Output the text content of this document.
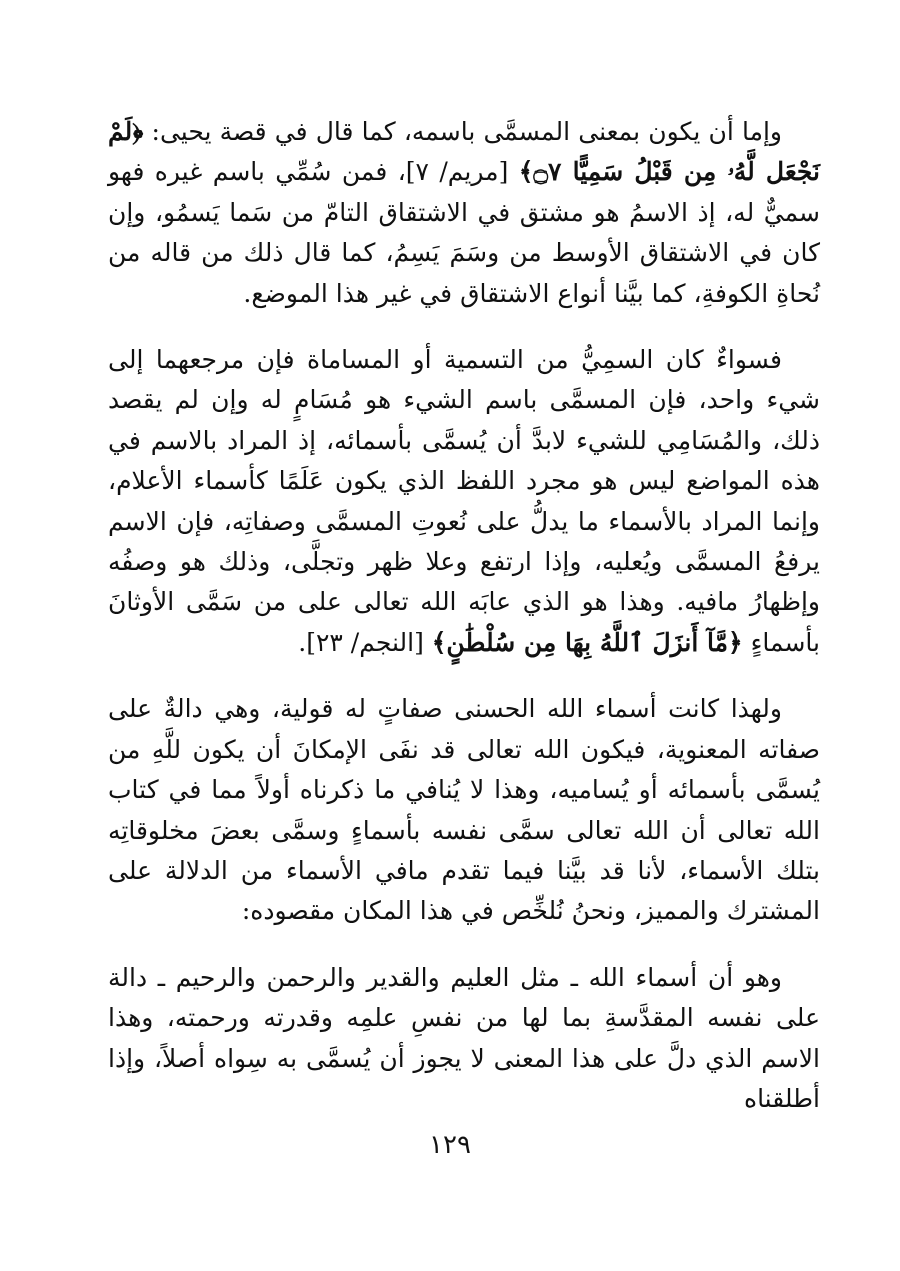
وإما أن يكون بمعنى المسمَّى باسمه، كما قال في قصة يحيى: ﴿لَمْ نَجْعَل لَّهُۥ مِن قَبْلُ سَمِيًّا ۝٧﴾ [مريم/ ٧]، فمن سُمِّي باسم غيره فهو سميٌّ له، إذ الاسمُ هو مشتق في الاشتقاق التامّ من سَما يَسمُو، وإن كان في الاشتقاق الأوسط من وسَمَ يَسِمُ، كما قال ذلك من قاله من نُحاةِ الكوفةِ، كما بيَّنا أنواع الاشتقاق في غير هذا الموضع.

فسواءٌ كان السمِيُّ من التسمية أو المساماة فإن مرجعهما إلى شيء واحد، فإن المسمَّى باسم الشيء هو مُسَامٍ له وإن لم يقصد ذلك، والمُسَامِي للشيء لابدَّ أن يُسمَّى بأسمائه، إذ المراد بالاسم في هذه المواضع ليس هو مجرد اللفظ الذي يكون عَلَمًا كأسماء الأعلام، وإنما المراد بالأسماء ما يدلُّ على نُعوتِ المسمَّى وصفاتِه، فإن الاسم يرفعُ المسمَّى ويُعليه، وإذا ارتفع وعلا ظهر وتجلَّى، وذلك هو وصفُه وإظهارُ مافيه. وهذا هو الذي عابَه الله تعالى على من سَمَّى الأوثانَ بأسماءٍ ﴿مَّآ أَنزَلَ ٱللَّهُ بِهَا مِن سُلْطَٰنٍ﴾ [النجم/ ٢٣].

ولهذا كانت أسماء الله الحسنى صفاتٍ له قولية، وهي دالةٌ على صفاته المعنوية، فيكون الله تعالى قد نفَى الإمكانَ أن يكون للَّهِ من يُسمَّى بأسمائه أو يُساميه، وهذا لا يُنافي ما ذكرناه أولاً مما في كتاب الله تعالى أن الله تعالى سمَّى نفسه بأسماءٍ وسمَّى بعضَ مخلوقاتِه بتلك الأسماء، لأنا قد بيَّنا فيما تقدم مافي الأسماء من الدلالة على المشترك والمميز، ونحنُ نُلخِّص في هذا المكان مقصوده:

وهو أن أسماء الله ـ مثل العليم والقدير والرحمن والرحيم ـ دالة على نفسه المقدَّسةِ بما لها من نفسِ علمِه وقدرته ورحمته، وهذا الاسم الذي دلَّ على هذا المعنى لا يجوز أن يُسمَّى به سِواه أصلاً، وإذا أطلقناه

١٢٩
